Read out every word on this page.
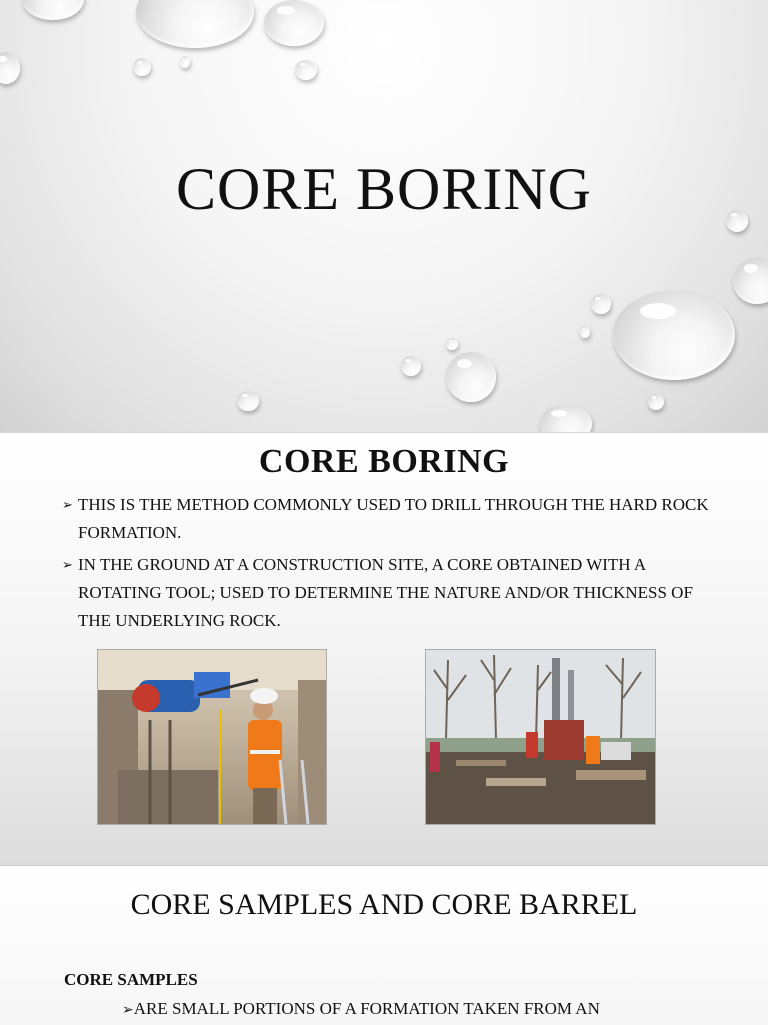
CORE BORING
CORE BORING
➢ THIS IS THE METHOD COMMONLY USED TO DRILL THROUGH THE HARD ROCK FORMATION.
➢ IN THE GROUND AT A CONSTRUCTION SITE, A CORE OBTAINED WITH A ROTATING TOOL; USED TO DETERMINE THE NATURE AND/OR THICKNESS OF THE UNDERLYING ROCK.
CORE SAMPLES AND CORE BARREL

CORE SAMPLES

➢ARE SMALL PORTIONS OF A FORMATION TAKEN FROM AN
